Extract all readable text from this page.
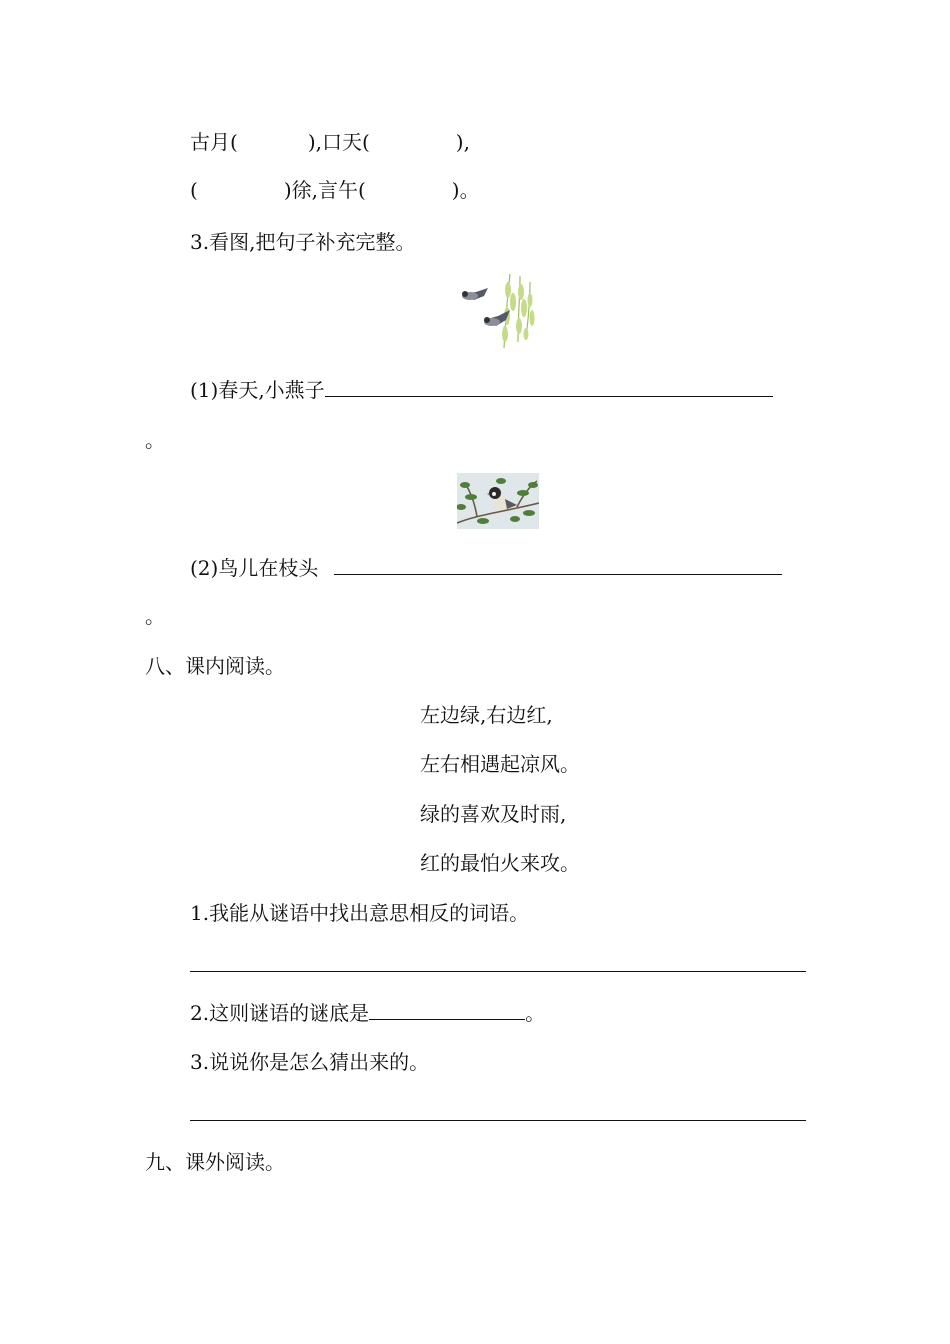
古月(	),口天(	),
(	)徐,言午(	)。
3.看图,把句子补充完整。
(1)春天,小燕子
。
(2)鸟儿在枝头
。
八、课内阅读。
左边绿,右边红,
左右相遇起凉风。
绿的喜欢及时雨,
红的最怕火来攻。
1.我能从谜语中找出意思相反的词语。
2.这则谜语的谜底是	。
3.说说你是怎么猜出来的。
九、课外阅读。
